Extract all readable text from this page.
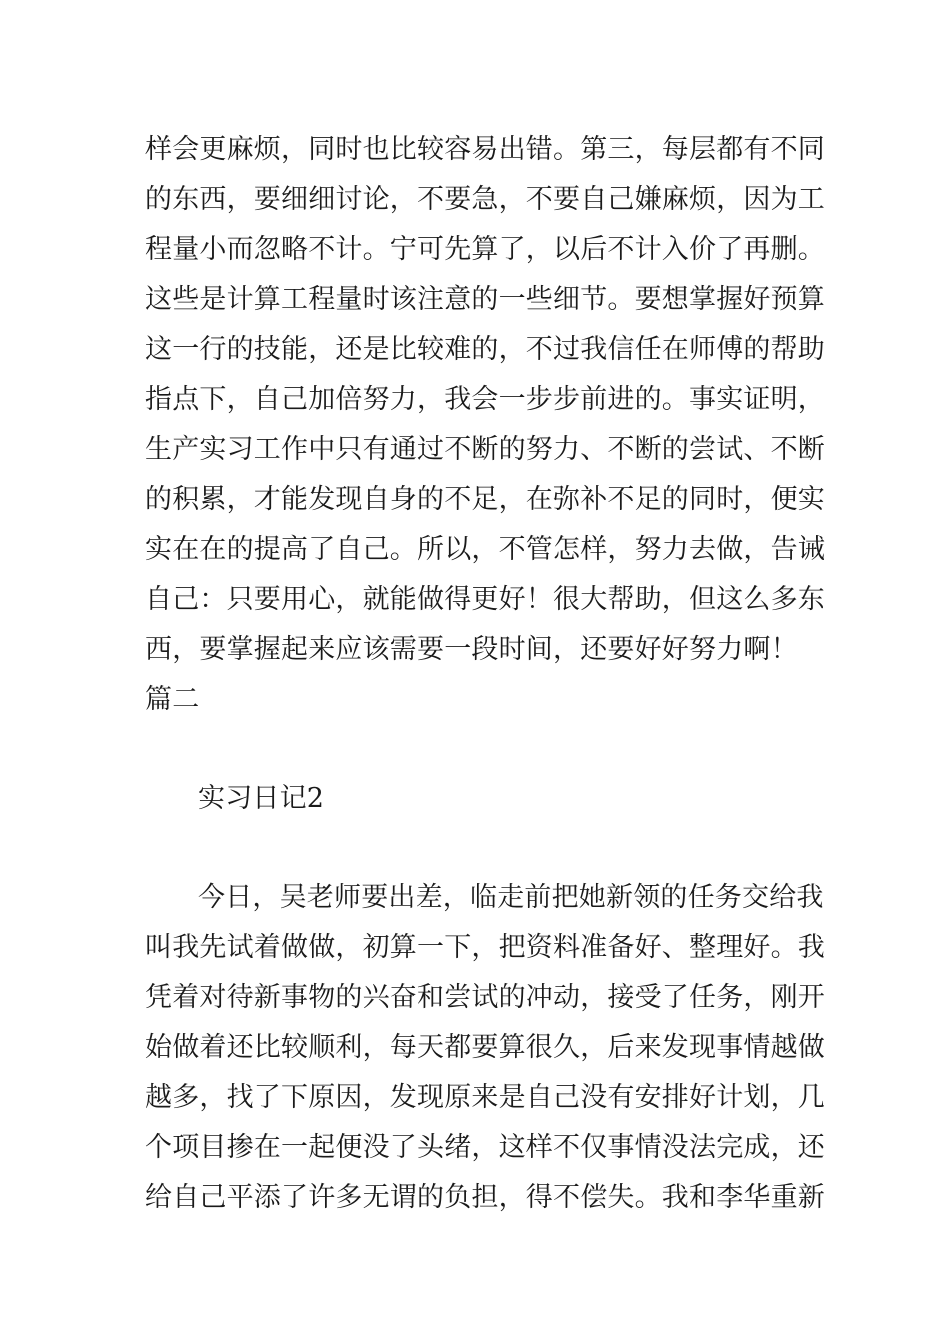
样会更麻烦，同时也比较容易出错。第三，每层都有不同
的东西，要细细讨论，不要急，不要自己嫌麻烦，因为工
程量小而忽略不计。宁可先算了，以后不计入价了再删。
这些是计算工程量时该注意的一些细节。要想掌握好预算
这一行的技能，还是比较难的，不过我信任在师傅的帮助
指点下，自己加倍努力，我会一步步前进的。事实证明，
生产实习工作中只有通过不断的努力、不断的尝试、不断
的积累，才能发现自身的不足，在弥补不足的同时，便实
实在在的提高了自己。所以，不管怎样，努力去做，告诫
自己：只要用心，就能做得更好！很大帮助，但这么多东
西，要掌握起来应该需要一段时间，还要好好努力啊！
篇二
实习日记2
今日，吴老师要出差，临走前把她新领的任务交给我
叫我先试着做做，初算一下，把资料准备好、整理好。我
凭着对待新事物的兴奋和尝试的冲动，接受了任务，刚开
始做着还比较顺利，每天都要算很久，后来发现事情越做
越多，找了下原因，发现原来是自己没有安排好计划，几
个项目掺在一起便没了头绪，这样不仅事情没法完成，还
给自己平添了许多无谓的负担，得不偿失。我和李华重新
